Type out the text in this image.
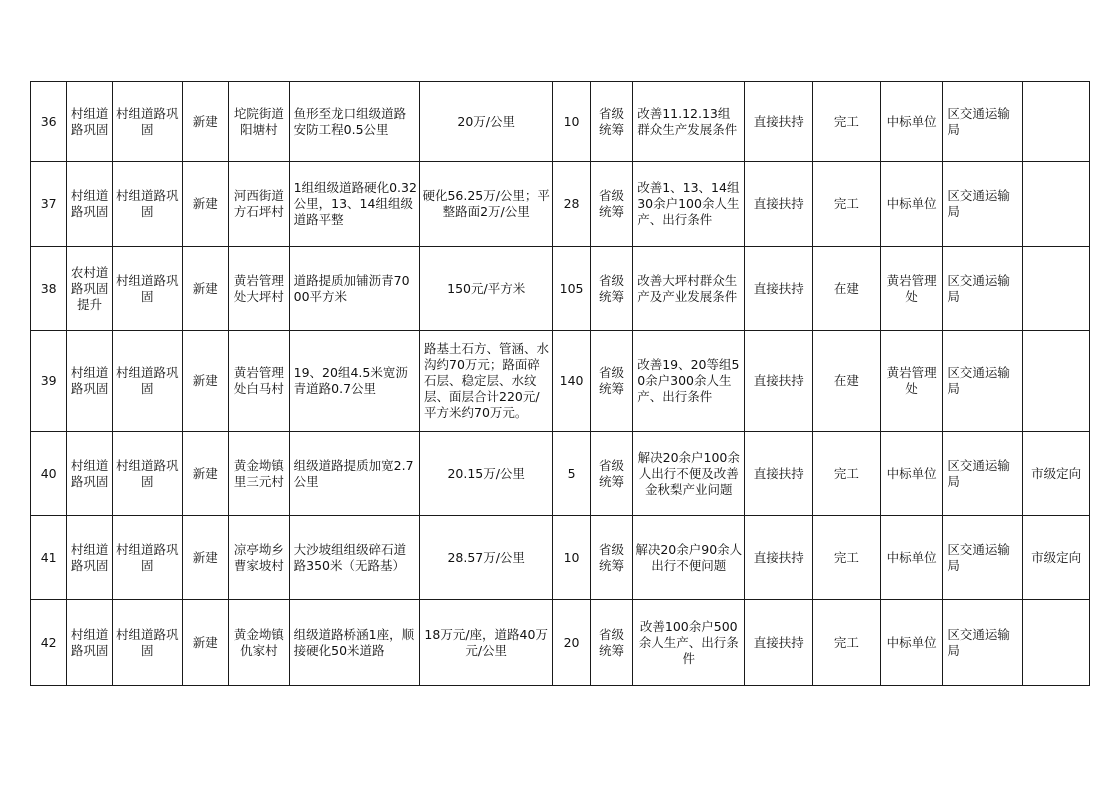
36	村组道路巩固	村组道路巩固	新建	坨院街道阳塘村	鱼形至龙口组级道路安防工程0.5公里	20万/公里	10	省级统筹	改善11.12.13组群众生产发展条件	直接扶持	完工	中标单位	区交通运输局	
37	村组道路巩固	村组道路巩固	新建	河西街道方石坪村	1组组级道路硬化0.32公里，13、14组组级道路平整	硬化56.25万/公里；平整路面2万/公里	28	省级统筹	改善1、13、14组30余户100余人生产、出行条件	直接扶持	完工	中标单位	区交通运输局	
38	农村道路巩固提升	村组道路巩固	新建	黄岩管理处大坪村	道路提质加铺沥青7000平方米	150元/平方米	105	省级统筹	改善大坪村群众生产及产业发展条件	直接扶持	在建	黄岩管理处	区交通运输局	
39	村组道路巩固	村组道路巩固	新建	黄岩管理处白马村	19、20组4.5米宽沥青道路0.7公里	路基土石方、管涵、水沟约70万元；路面碎石层、稳定层、水纹层、面层合计220元/平方米约70万元。	140	省级统筹	改善19、20等组50余户300余人生产、出行条件	直接扶持	在建	黄岩管理处	区交通运输局	
40	村组道路巩固	村组道路巩固	新建	黄金坳镇里三元村	组级道路提质加宽2.7公里	20.15万/公里	5	省级统筹	解决20余户100余人出行不便及改善金秋梨产业问题	直接扶持	完工	中标单位	区交通运输局	市级定向
41	村组道路巩固	村组道路巩固	新建	凉亭坳乡曹家坡村	大沙坡组组级碎石道路350米（无路基）	28.57万/公里	10	省级统筹	解决20余户90余人出行不便问题	直接扶持	完工	中标单位	区交通运输局	市级定向
42	村组道路巩固	村组道路巩固	新建	黄金坳镇仇家村	组级道路桥涵1座，顺接硬化50米道路	18万元/座，道路40万元/公里	20	省级统筹	改善100余户500余人生产、出行条件	直接扶持	完工	中标单位	区交通运输局	
